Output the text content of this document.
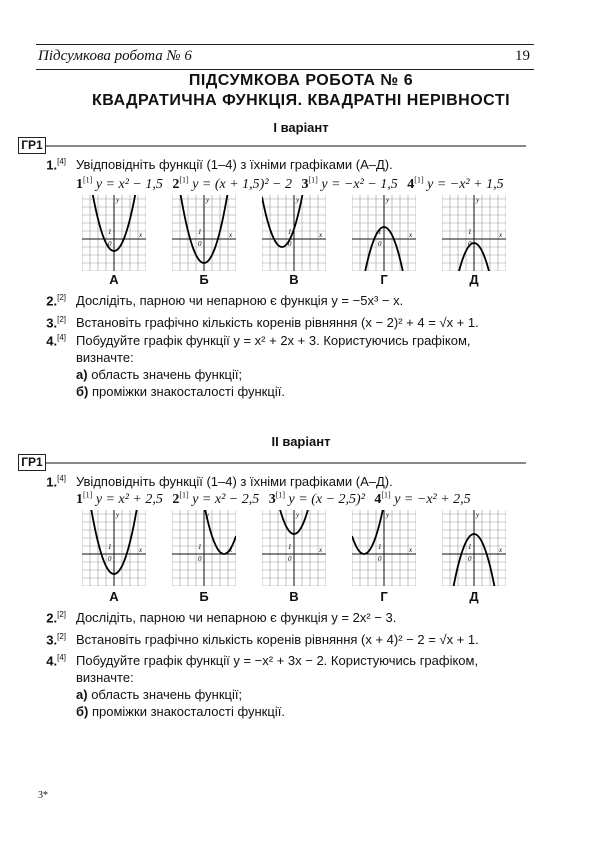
Підсумкова робота № 6	19
ПІДСУМКОВА РОБОТА № 6
КВАДРАТИЧНА ФУНКЦІЯ. КВАДРАТНІ НЕРІВНОСТІ
І варіант
ГР1
1.[4] Увідповідніть функції (1–4) з їхніми графіками (А–Д).
1[1] y = x² − 1,5 2[1] y = (x + 1,5)² − 2 3[1] y = −x² − 1,5 4[1] y = −x² + 1,5
y
x
1
0
А
y
x
1
0
Б
y
x
1
0
В
y
x
1
0
Г
y
x
1
0
Д
2.[2] Дослідіть, парною чи непарною є функція y = −5x³ − x.
3.[2] Встановіть графічно кількість коренів рівняння (x − 2)² + 4 = √x + 1.
4.[4] Побудуйте графік функції y = x² + 2x + 3. Користуючись графіком, визначте:
а) область значень функції;
б) проміжки знакосталості функції.
ІІ варіант
ГР1
1.[4] Увідповідніть функції (1–4) з їхніми графіками (А–Д).
1[1] y = x² + 2,5 2[1] y = x² − 2,5 3[1] y = (x − 2,5)² 4[1] y = −x² + 2,5
y
x
1
0
А
y
x
1
0
Б
y
x
1
0
В
y
x
1
0
Г
y
x
1
0
Д
2.[2] Дослідіть, парною чи непарною є функція y = 2x² − 3.
3.[2] Встановіть графічно кількість коренів рівняння (x + 4)² − 2 = √x + 1.
4.[4] Побудуйте графік функції y = −x² + 3x − 2. Користуючись графіком, визначте:
а) область значень функції;
б) проміжки знакосталості функції.
3*
